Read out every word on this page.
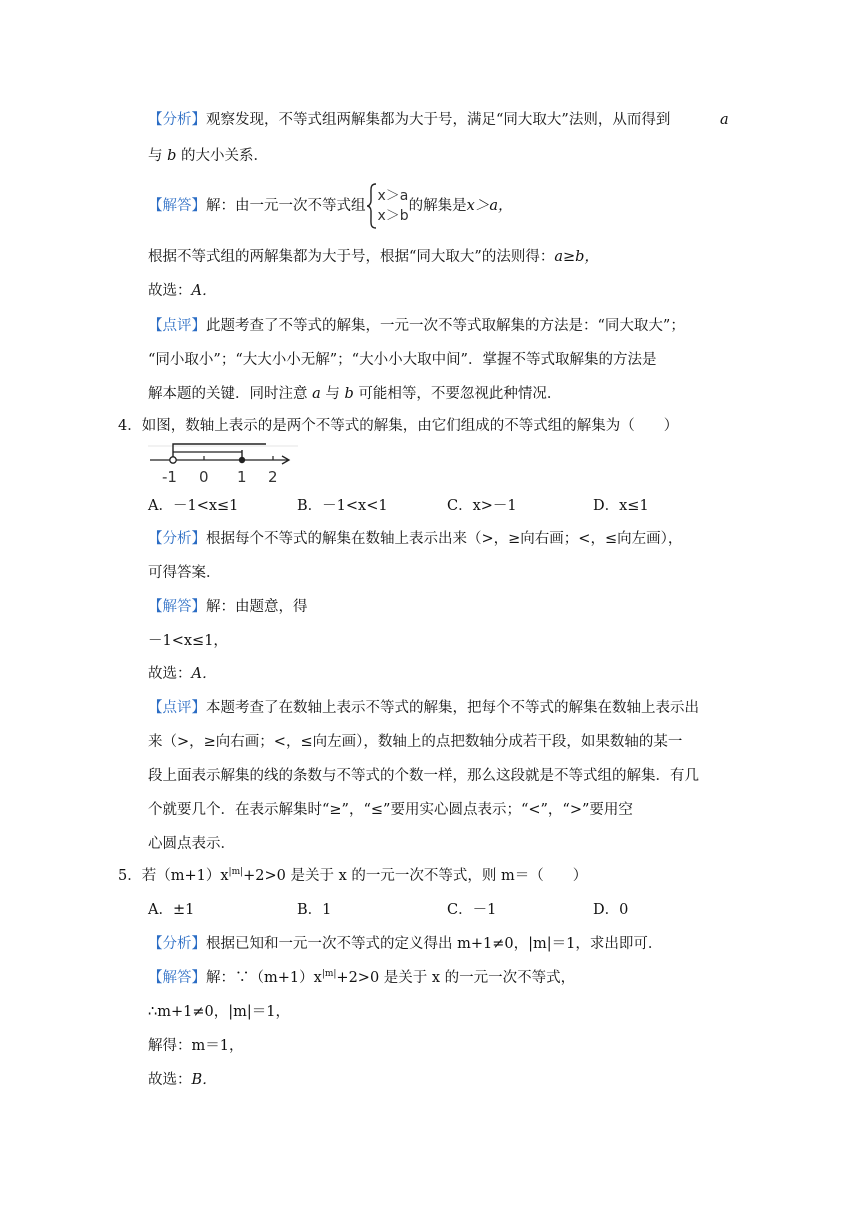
【分析】观察发现，不等式组两解集都为大于号，满足“同大取大”法则，从而得到	a
与 b 的大小关系．
【解答】解：由一元一次不等式组
x＞a
x＞b
的解集是x＞a，
根据不等式组的两解集都为大于号，根据“同大取大”的法则得：a≥b，
故选：A．
【点评】此题考查了不等式的解集，一元一次不等式取解集的方法是：“同大取大”；
“同小取小”；“大大小小无解”；“大小小大取中间”．掌握不等式取解集的方法是
解本题的关键．同时注意 a 与 b 可能相等，不要忽视此种情况．
4．如图，数轴上表示的是两个不等式的解集，由它们组成的不等式组的解集为（　　）
-1 0 1 2
A．－1<x≤1	B．－1<x<1	C．x>－1	D．x≤1
【分析】根据每个不等式的解集在数轴上表示出来（>，≥向右画；<，≤向左画），
可得答案．
【解答】解：由题意，得
－1<x≤1，
故选：A．
【点评】本题考查了在数轴上表示不等式的解集，把每个不等式的解集在数轴上表示出
来（>，≥向右画；<，≤向左画），数轴上的点把数轴分成若干段，如果数轴的某一
段上面表示解集的线的条数与不等式的个数一样，那么这段就是不等式组的解集．有几
个就要几个．在表示解集时“≥”，“≤”要用实心圆点表示；“<”，“>”要用空
心圆点表示．
5．若$(m+1)x^{|m|}+2>0$ 是关于 x 的一元一次不等式，则 m＝（　　）
A．±1	B．1	C．－1	D．0
【分析】根据已知和一元一次不等式的定义得出 m+1≠0，|m|＝1，求出即可．
【解答】解：$\because(m+1)x^{|m|}+2>0$ 是关于 x 的一元一次不等式，
∴m+1≠0，|m|＝1，
解得：m＝1，
故选：B．
